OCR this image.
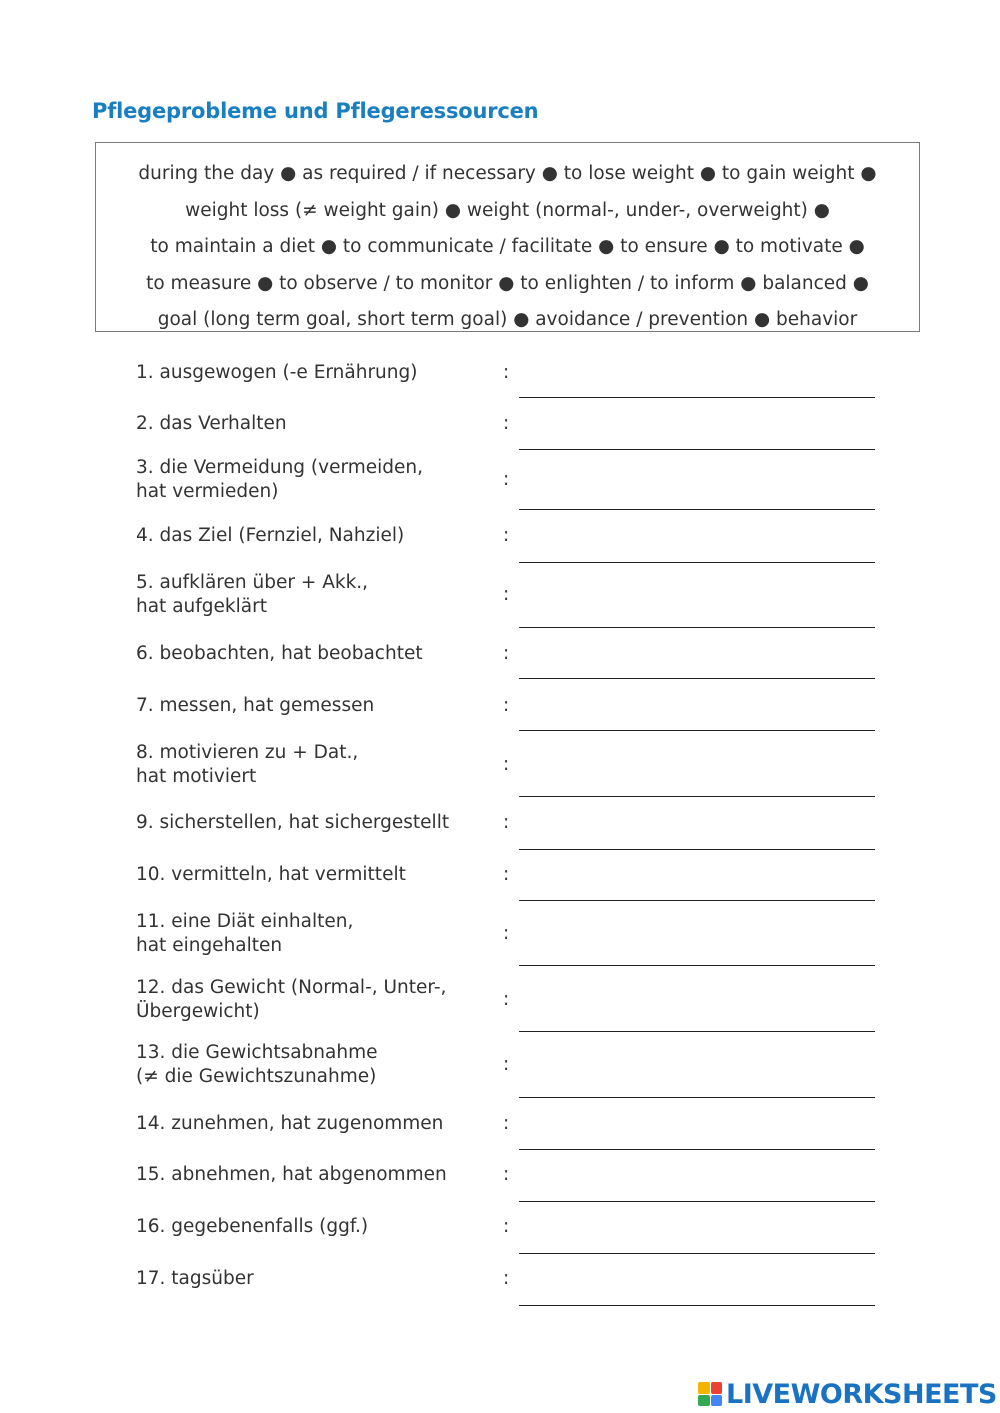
Pflegeprobleme und Pflegeressourcen
during the day ● as required / if necessary ● to lose weight ● to gain weight ●
weight loss (≠ weight gain) ● weight (normal-, under-, overweight) ●
to maintain a diet ● to communicate / facilitate ● to ensure ● to motivate ●
to measure ● to observe / to monitor ● to enlighten / to inform ● balanced ●
goal (long term goal, short term goal) ● avoidance / prevention ● behavior
1. ausgewogen (-e Ernährung)	:
2. das Verhalten	:
3. die Vermeidung (vermeiden,
hat vermieden)
:
4. das Ziel (Fernziel, Nahziel)	:
5. aufklären über + Akk.,
hat aufgeklärt
:
6. beobachten, hat beobachtet	:
7. messen, hat gemessen	:
8. motivieren zu + Dat.,
hat motiviert
:
9. sicherstellen, hat sichergestellt	:
10. vermitteln, hat vermittelt	:
11. eine Diät einhalten,
hat eingehalten
:
12. das Gewicht (Normal-, Unter-,
Übergewicht)
:
13. die Gewichtsabnahme
(≠ die Gewichtszunahme)
:
14. zunehmen, hat zugenommen	:
15. abnehmen, hat abgenommen	:
16. gegebenenfalls (ggf.)	:
17. tagsüber	:
LIVEWORKSHEETS
